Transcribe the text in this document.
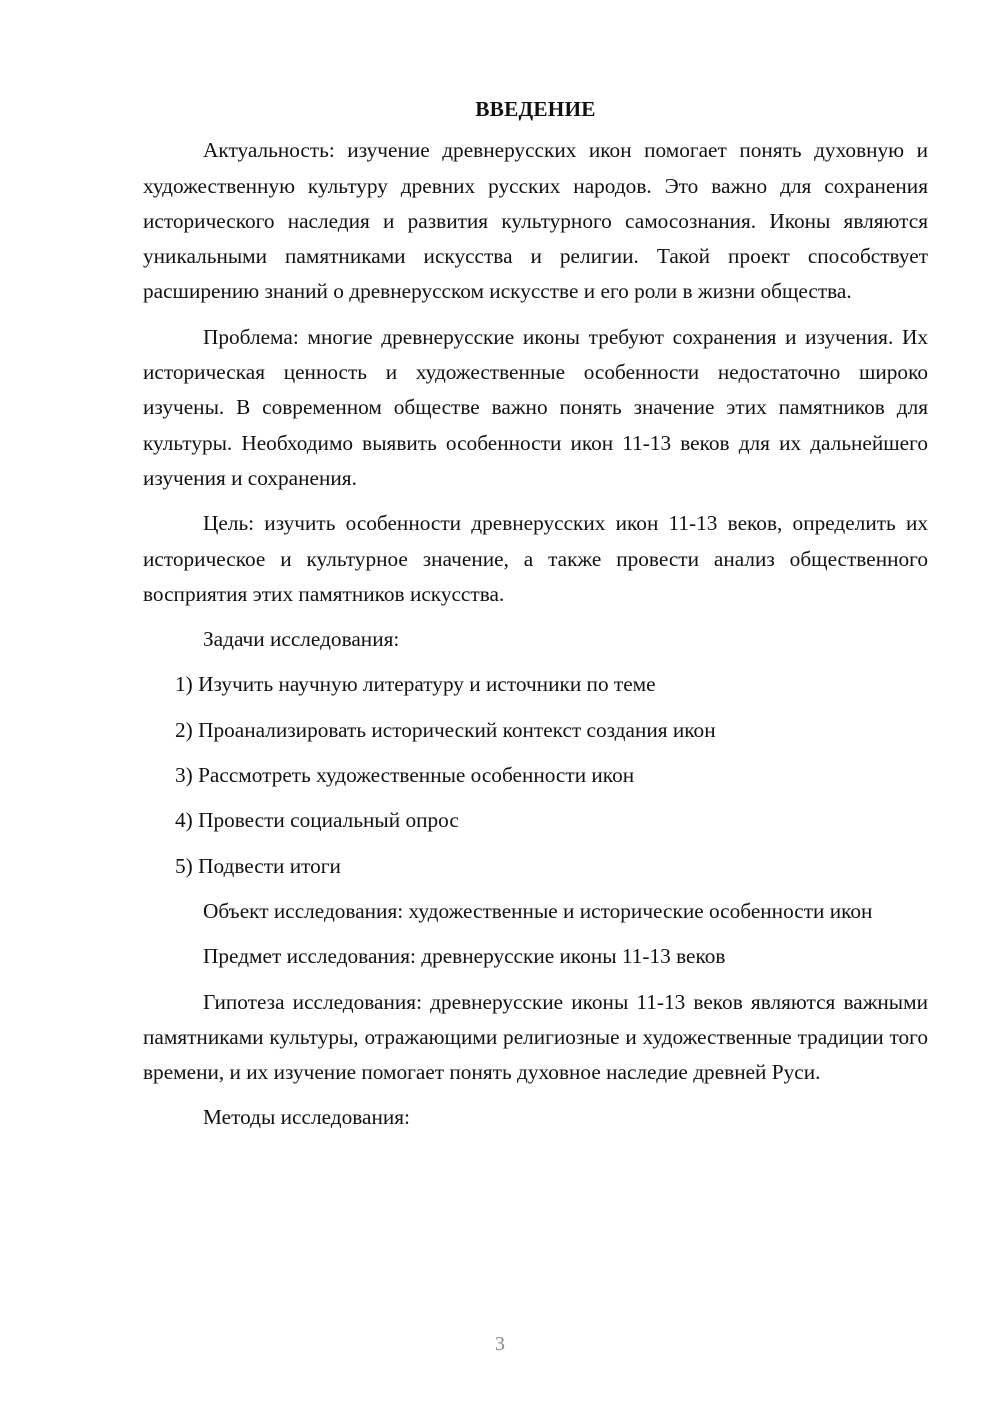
ВВЕДЕНИЕ

Актуальность: изучение древнерусских икон помогает понять духовную и художественную культуру древних русских народов. Это важно для сохранения исторического наследия и развития культурного самосознания. Иконы являются уникальными памятниками искусства и религии. Такой проект способствует расширению знаний о древнерусском искусстве и его роли в жизни общества.

Проблема: многие древнерусские иконы требуют сохранения и изучения. Их историческая ценность и художественные особенности недостаточно широко изучены. В современном обществе важно понять значение этих памятников для культуры. Необходимо выявить особенности икон 11-13 веков для их дальнейшего изучения и сохранения.

Цель: изучить особенности древнерусских икон 11-13 веков, определить их историческое и культурное значение, а также провести анализ общественного восприятия этих памятников искусства.

Задачи исследования:

1) Изучить научную литературу и источники по теме
2) Проанализировать исторический контекст создания икон
3) Рассмотреть художественные особенности икон
4) Провести социальный опрос
5) Подвести итоги

Объект исследования: художественные и исторические особенности икон

Предмет исследования: древнерусские иконы 11-13 веков

Гипотеза исследования: древнерусские иконы 11-13 веков являются важными памятниками культуры, отражающими религиозные и художественные традиции того времени, и их изучение помогает понять духовное наследие древней Руси.

Методы исследования:

3
